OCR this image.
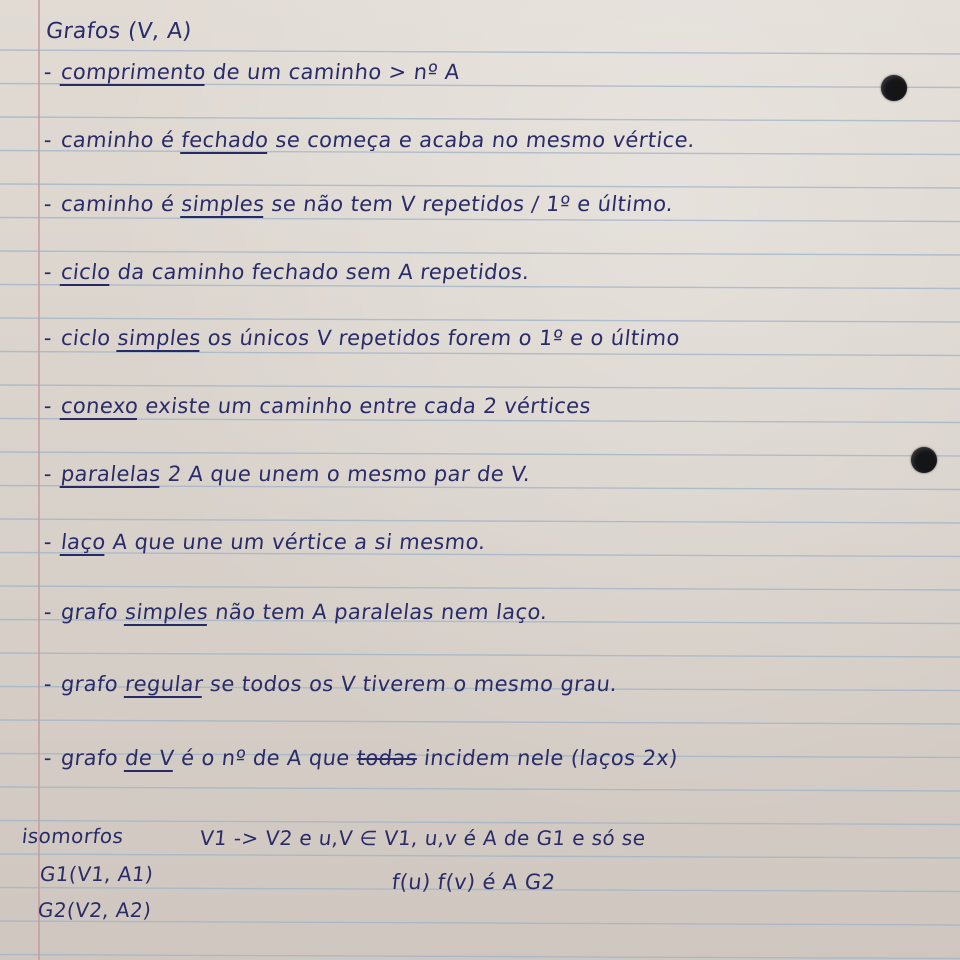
Grafos (V, A)
- comprimento de um caminho > nº A
- caminho é fechado se começa e acaba no mesmo vértice.
- caminho é simples se não tem V repetidos / 1º e último.
- ciclo da caminho fechado sem A repetidos.
- ciclo simples os únicos V repetidos forem o 1º e o último
- conexo existe um caminho entre cada 2 vértices
- paralelas 2 A que unem o mesmo par de V.
- laço A que une um vértice a si mesmo.
- grafo simples não tem A paralelas nem laço.
- grafo regular se todos os V tiverem o mesmo grau.
- grafo de V é o nº de A que todas incidem nele (laços 2x)
isomorfos	V1 -> V2 e u,V ∈ V1, u,v é A de G1 e só se
G1(V1, A1)	f(u) f(v) é A G2
G2(V2, A2)
